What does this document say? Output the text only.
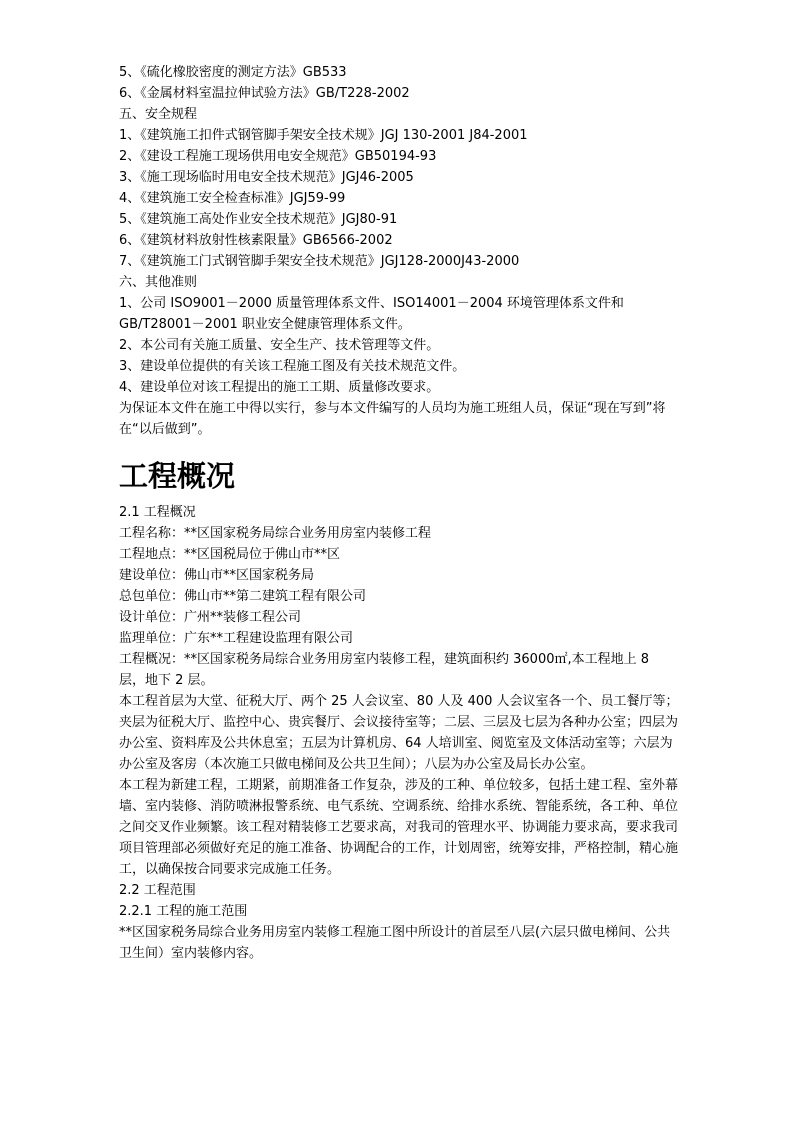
5、《硫化橡胶密度的测定方法》GB533
6、《金属材料室温拉伸试验方法》GB/T228-2002
五、安全规程
1、《建筑施工扣件式钢管脚手架安全技术规》JGJ 130-2001 J84-2001
2、《建设工程施工现场供用电安全规范》GB50194-93
3、《施工现场临时用电安全技术规范》JGJ46-2005
4、《建筑施工安全检查标准》JGJ59-99
5、《建筑施工高处作业安全技术规范》JGJ80-91
6、《建筑材料放射性核素限量》GB6566-2002
7、《建筑施工门式钢管脚手架安全技术规范》JGJ128-2000J43-2000
六、其他准则
1、公司 ISO9001－2000 质量管理体系文件、ISO14001－2004 环境管理体系文件和 GB/T28001－2001 职业安全健康管理体系文件。
2、本公司有关施工质量、安全生产、技术管理等文件。
3、建设单位提供的有关该工程施工图及有关技术规范文件。
4、建设单位对该工程提出的施工工期、质量修改要求。
为保证本文件在施工中得以实行，参与本文件编写的人员均为施工班组人员，保证“现在写到”将在“以后做到”。
工程概况
2.1 工程概况
工程名称：**区国家税务局综合业务用房室内装修工程
工程地点：**区国税局位于佛山市**区
建设单位：佛山市**区国家税务局
总包单位：佛山市**第二建筑工程有限公司
设计单位：广州**装修工程公司
监理单位：广东**工程建设监理有限公司
工程概况：**区国家税务局综合业务用房室内装修工程，建筑面积约 36000㎡,本工程地上 8 层，地下 2 层。
本工程首层为大堂、征税大厅、两个 25 人会议室、80 人及 400 人会议室各一个、员工餐厅等；夹层为征税大厅、监控中心、贵宾餐厅、会议接待室等；二层、三层及七层为各种办公室；四层为办公室、资料库及公共休息室；五层为计算机房、64 人培训室、阅览室及文体活动室等；六层为办公室及客房（本次施工只做电梯间及公共卫生间）；八层为办公室及局长办公室。
本工程为新建工程，工期紧，前期准备工作复杂，涉及的工种、单位较多，包括土建工程、室外幕墙、室内装修、消防喷淋报警系统、电气系统、空调系统、给排水系统、智能系统，各工种、单位之间交叉作业频繁。该工程对精装修工艺要求高，对我司的管理水平、协调能力要求高，要求我司项目管理部必须做好充足的施工准备、协调配合的工作，计划周密，统筹安排，严格控制，精心施工，以确保按合同要求完成施工任务。
2.2 工程范围
2.2.1 工程的施工范围
**区国家税务局综合业务用房室内装修工程施工图中所设计的首层至八层(六层只做电梯间、公共卫生间）室内装修内容。
